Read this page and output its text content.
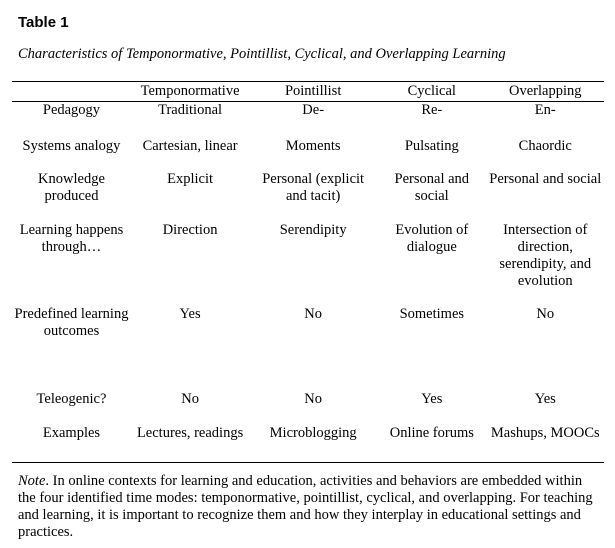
Table 1
Characteristics of Temponormative, Pointillist, Cyclical, and Overlapping Learning
	Temponormative	Pointillist	Cyclical	Overlapping
Pedagogy	Traditional	De-	Re-	En-
Systems analogy	Cartesian, linear	Moments	Pulsating	Chaordic
Knowledge produced	Explicit	Personal (explicit and tacit)	Personal and social	Personal and social
Learning happens through…	Direction	Serendipity	Evolution of dialogue	Intersection of direction, serendipity, and evolution
Predefined learning outcomes	Yes	No	Sometimes	No
Teleogenic?	No	No	Yes	Yes
Examples	Lectures, readings	Microblogging	Online forums	Mashups, MOOCs
Note. In online contexts for learning and education, activities and behaviors are embedded within the four identified time modes: temponormative, pointillist, cyclical, and overlapping. For teaching and learning, it is important to recognize them and how they interplay in educational settings and practices.
